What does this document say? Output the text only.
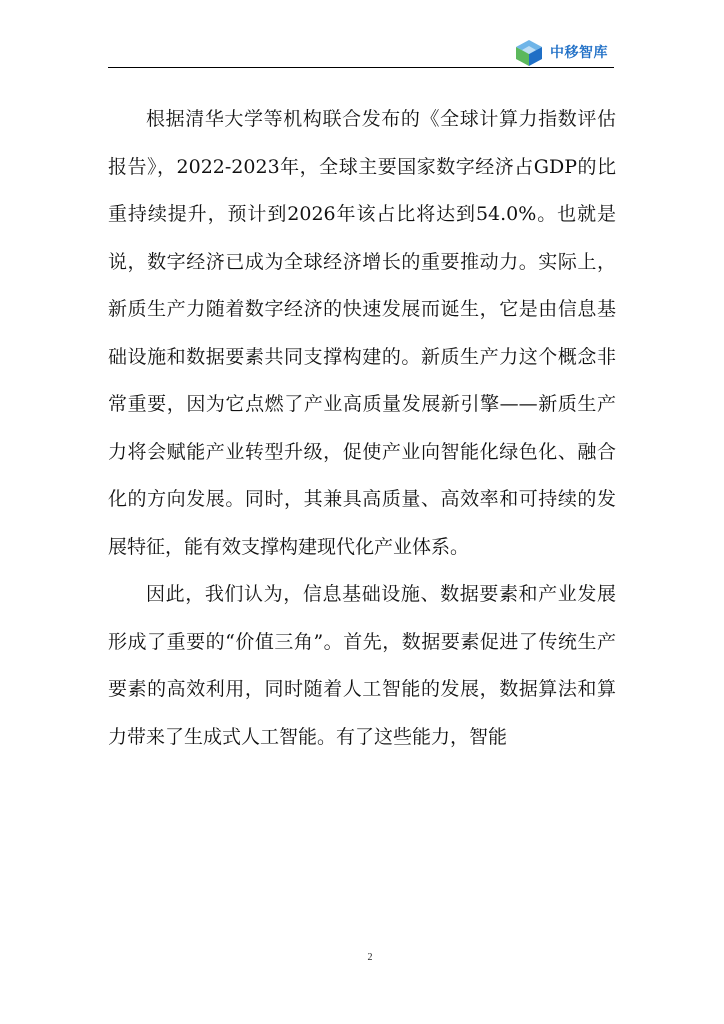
中移智库

根据清华大学等机构联合发布的《全球计算力指数评估报告》，2022-2023年，全球主要国家数字经济占GDP的比重持续提升，预计到2026年该占比将达到54.0%。也就是说，数字经济已成为全球经济增长的重要推动力。实际上，新质生产力随着数字经济的快速发展而诞生，它是由信息基础设施和数据要素共同支撑构建的。新质生产力这个概念非常重要，因为它点燃了产业高质量发展新引擎——新质生产力将会赋能产业转型升级，促使产业向智能化绿色化、融合化的方向发展。同时，其兼具高质量、高效率和可持续的发展特征，能有效支撑构建现代化产业体系。

因此，我们认为，信息基础设施、数据要素和产业发展形成了重要的“价值三角”。首先，数据要素促进了传统生产要素的高效利用，同时随着人工智能的发展，数据算法和算力带来了生成式人工智能。有了这些能力，智能

2
